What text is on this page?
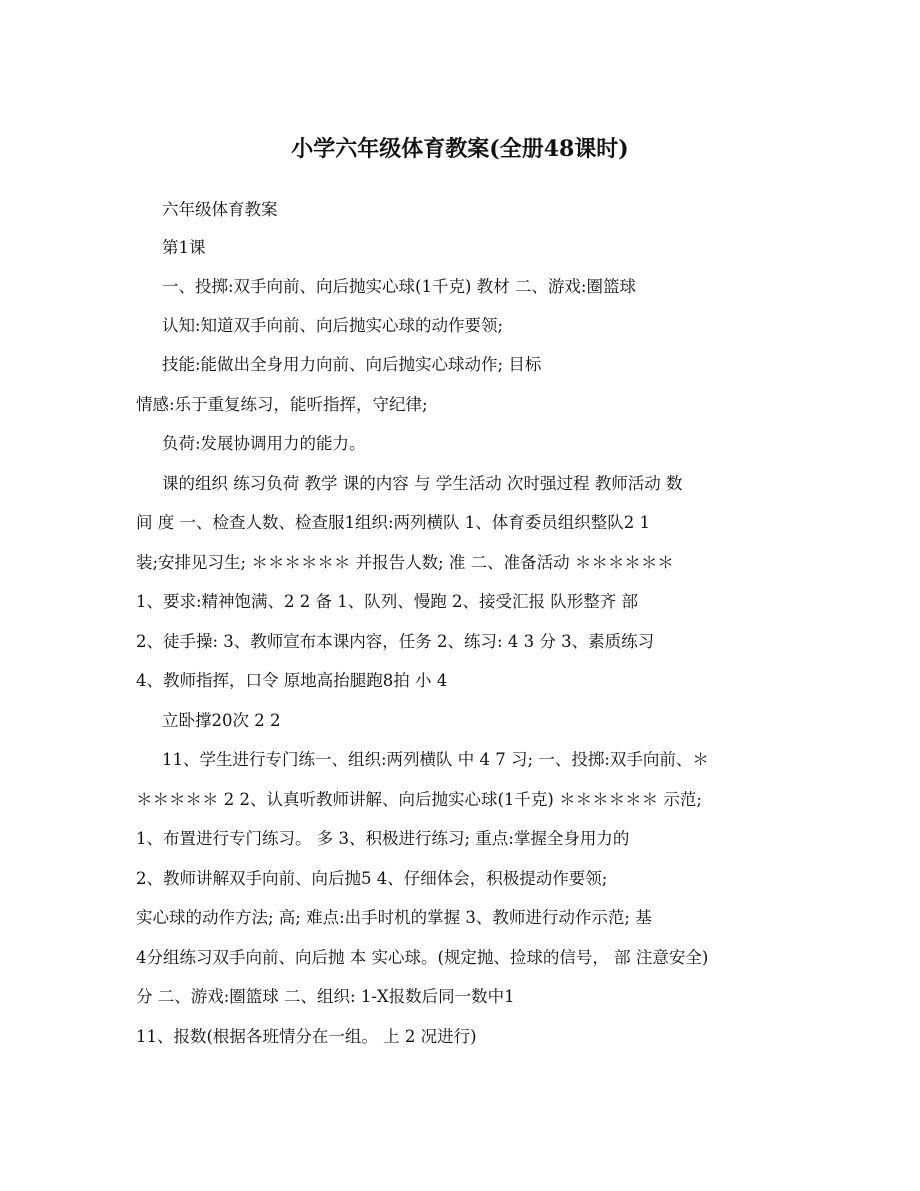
小学六年级体育教案(全册48课时)
六年级体育教案
第1课
一、投掷:双手向前、向后抛实心球(1千克) 教材 二、游戏:圈篮球
认知:知道双手向前、向后抛实心球的动作要领;
技能:能做出全身用力向前、向后抛实心球动作; 目标
情感:乐于重复练习，能听指挥，守纪律;
负荷:发展协调用力的能力。
课的组织 练习负荷 教学 课的内容 与 学生活动 次时强过程 教师活动 数
间 度 一、检查人数、检查服1组织:两列横队 1、体育委员组织整队2 1
装;安排见习生; ＊＊＊＊＊＊ 并报告人数; 准 二、准备活动 ＊＊＊＊＊＊
1、要求:精神饱满、2 2 备 1、队列、慢跑 2、接受汇报 队形整齐 部
2、徒手操: 3、教师宣布本课内容，任务 2、练习: 4 3 分 3、素质练习
4、教师指挥，口令 原地高抬腿跑8拍 小 4
立卧撑20次 2 2
11、学生进行专门练一、组织:两列横队 中 4 7 习; 一、投掷:双手向前、＊
＊＊＊＊＊ 2 2、认真听教师讲解、向后抛实心球(1千克) ＊＊＊＊＊＊ 示范;
1、布置进行专门练习。 多 3、积极进行练习; 重点:掌握全身用力的
2、教师讲解双手向前、向后抛5 4、仔细体会，积极提动作要领;
实心球的动作方法; 高; 难点:出手时机的掌握 3、教师进行动作示范; 基
4分组练习双手向前、向后抛 本 实心球。(规定抛、捡球的信号， 部 注意安全)
分 二、游戏:圈篮球 二、组织: 1-X报数后同一数中1
11、报数(根据各班情分在一组。 上 2 况进行)
